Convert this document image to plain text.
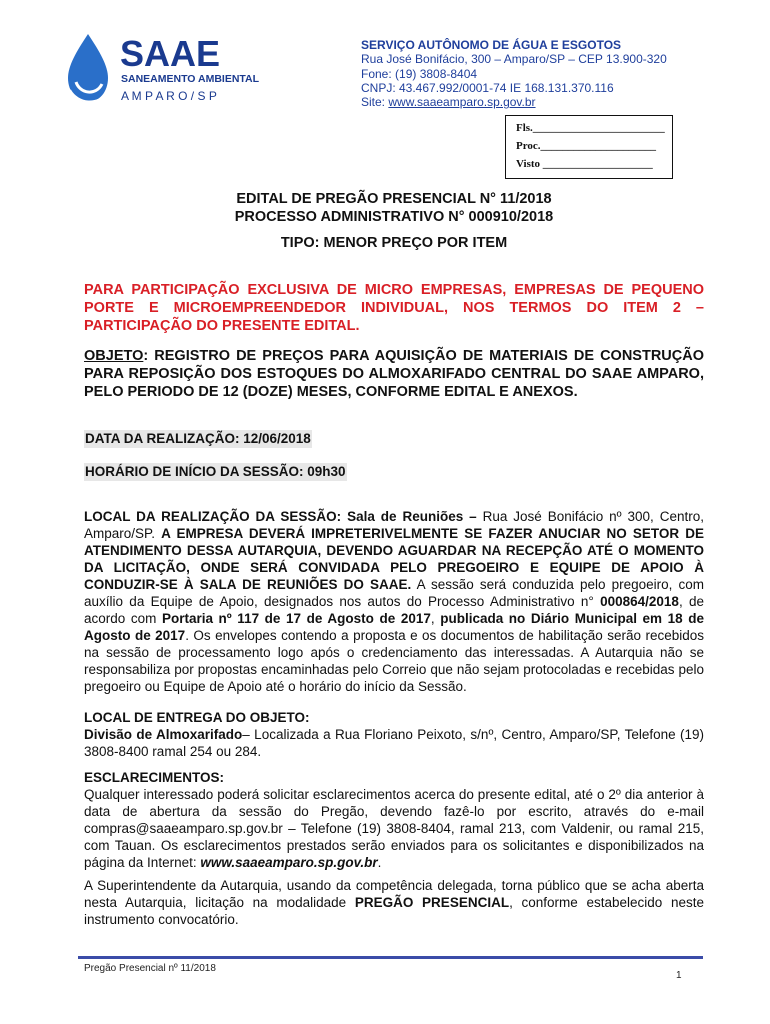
SAAE
SANEAMENTO AMBIENTAL
A M P A R O / S P
SERVIÇO AUTÔNOMO DE ÁGUA E ESGOTOS
Rua José Bonifácio, 300 – Amparo/SP – CEP 13.900-320
Fone: (19) 3808-8404
CNPJ: 43.467.992/0001-74 IE 168.131.370.116
Site: www.saaeamparo.sp.gov.br
Fls.________________________
Proc._____________________
Visto ____________________
EDITAL DE PREGÃO PRESENCIAL N° 11/2018
PROCESSO ADMINISTRATIVO N° 000910/2018
TIPO: MENOR PREÇO POR ITEM
PARA PARTICIPAÇÃO EXCLUSIVA DE MICRO EMPRESAS, EMPRESAS DE PEQUENO PORTE E MICROEMPREENDEDOR INDIVIDUAL, NOS TERMOS DO ITEM 2 – PARTICIPAÇÃO DO PRESENTE EDITAL.
OBJETO: REGISTRO DE PREÇOS PARA AQUISIÇÃO DE MATERIAIS DE CONSTRUÇÃO PARA REPOSIÇÃO DOS ESTOQUES DO ALMOXARIFADO CENTRAL DO SAAE AMPARO, PELO PERIODO DE 12 (DOZE) MESES, CONFORME EDITAL E ANEXOS.
DATA DA REALIZAÇÃO: 12/06/2018
HORÁRIO DE INÍCIO DA SESSÃO: 09h30
LOCAL DA REALIZAÇÃO DA SESSÃO: Sala de Reuniões – Rua José Bonifácio nº 300, Centro, Amparo/SP. A EMPRESA DEVERÁ IMPRETERIVELMENTE SE FAZER ANUCIAR NO SETOR DE ATENDIMENTO DESSA AUTARQUIA, DEVENDO AGUARDAR NA RECEPÇÃO ATÉ O MOMENTO DA LICITAÇÃO, ONDE SERÁ CONVIDADA PELO PREGOEIRO E EQUIPE DE APOIO À CONDUZIR-SE À SALA DE REUNIÕES DO SAAE. A sessão será conduzida pelo pregoeiro, com auxílio da Equipe de Apoio, designados nos autos do Processo Administrativo n° 000864/2018, de acordo com Portaria nº 117 de 17 de Agosto de 2017, publicada no Diário Municipal em 18 de Agosto de 2017. Os envelopes contendo a proposta e os documentos de habilitação serão recebidos na sessão de processamento logo após o credenciamento das interessadas. A Autarquia não se responsabiliza por propostas encaminhadas pelo Correio que não sejam protocoladas e recebidas pelo pregoeiro ou Equipe de Apoio até o horário do início da Sessão.
LOCAL DE ENTREGA DO OBJETO:
Divisão de Almoxarifado– Localizada a Rua Floriano Peixoto, s/nº, Centro, Amparo/SP, Telefone (19) 3808-8400 ramal 254 ou 284.
ESCLARECIMENTOS:
Qualquer interessado poderá solicitar esclarecimentos acerca do presente edital, até o 2º dia anterior à data de abertura da sessão do Pregão, devendo fazê-lo por escrito, através do e-mail compras@saaeamparo.sp.gov.br – Telefone (19) 3808-8404, ramal 213, com Valdenir, ou ramal 215, com Tauan. Os esclarecimentos prestados serão enviados para os solicitantes e disponibilizados na página da Internet: www.saaeamparo.sp.gov.br.
A Superintendente da Autarquia, usando da competência delegada, torna público que se acha aberta nesta Autarquia, licitação na modalidade PREGÃO PRESENCIAL, conforme estabelecido neste instrumento convocatório.
Pregão Presencial nº 11/2018
1
